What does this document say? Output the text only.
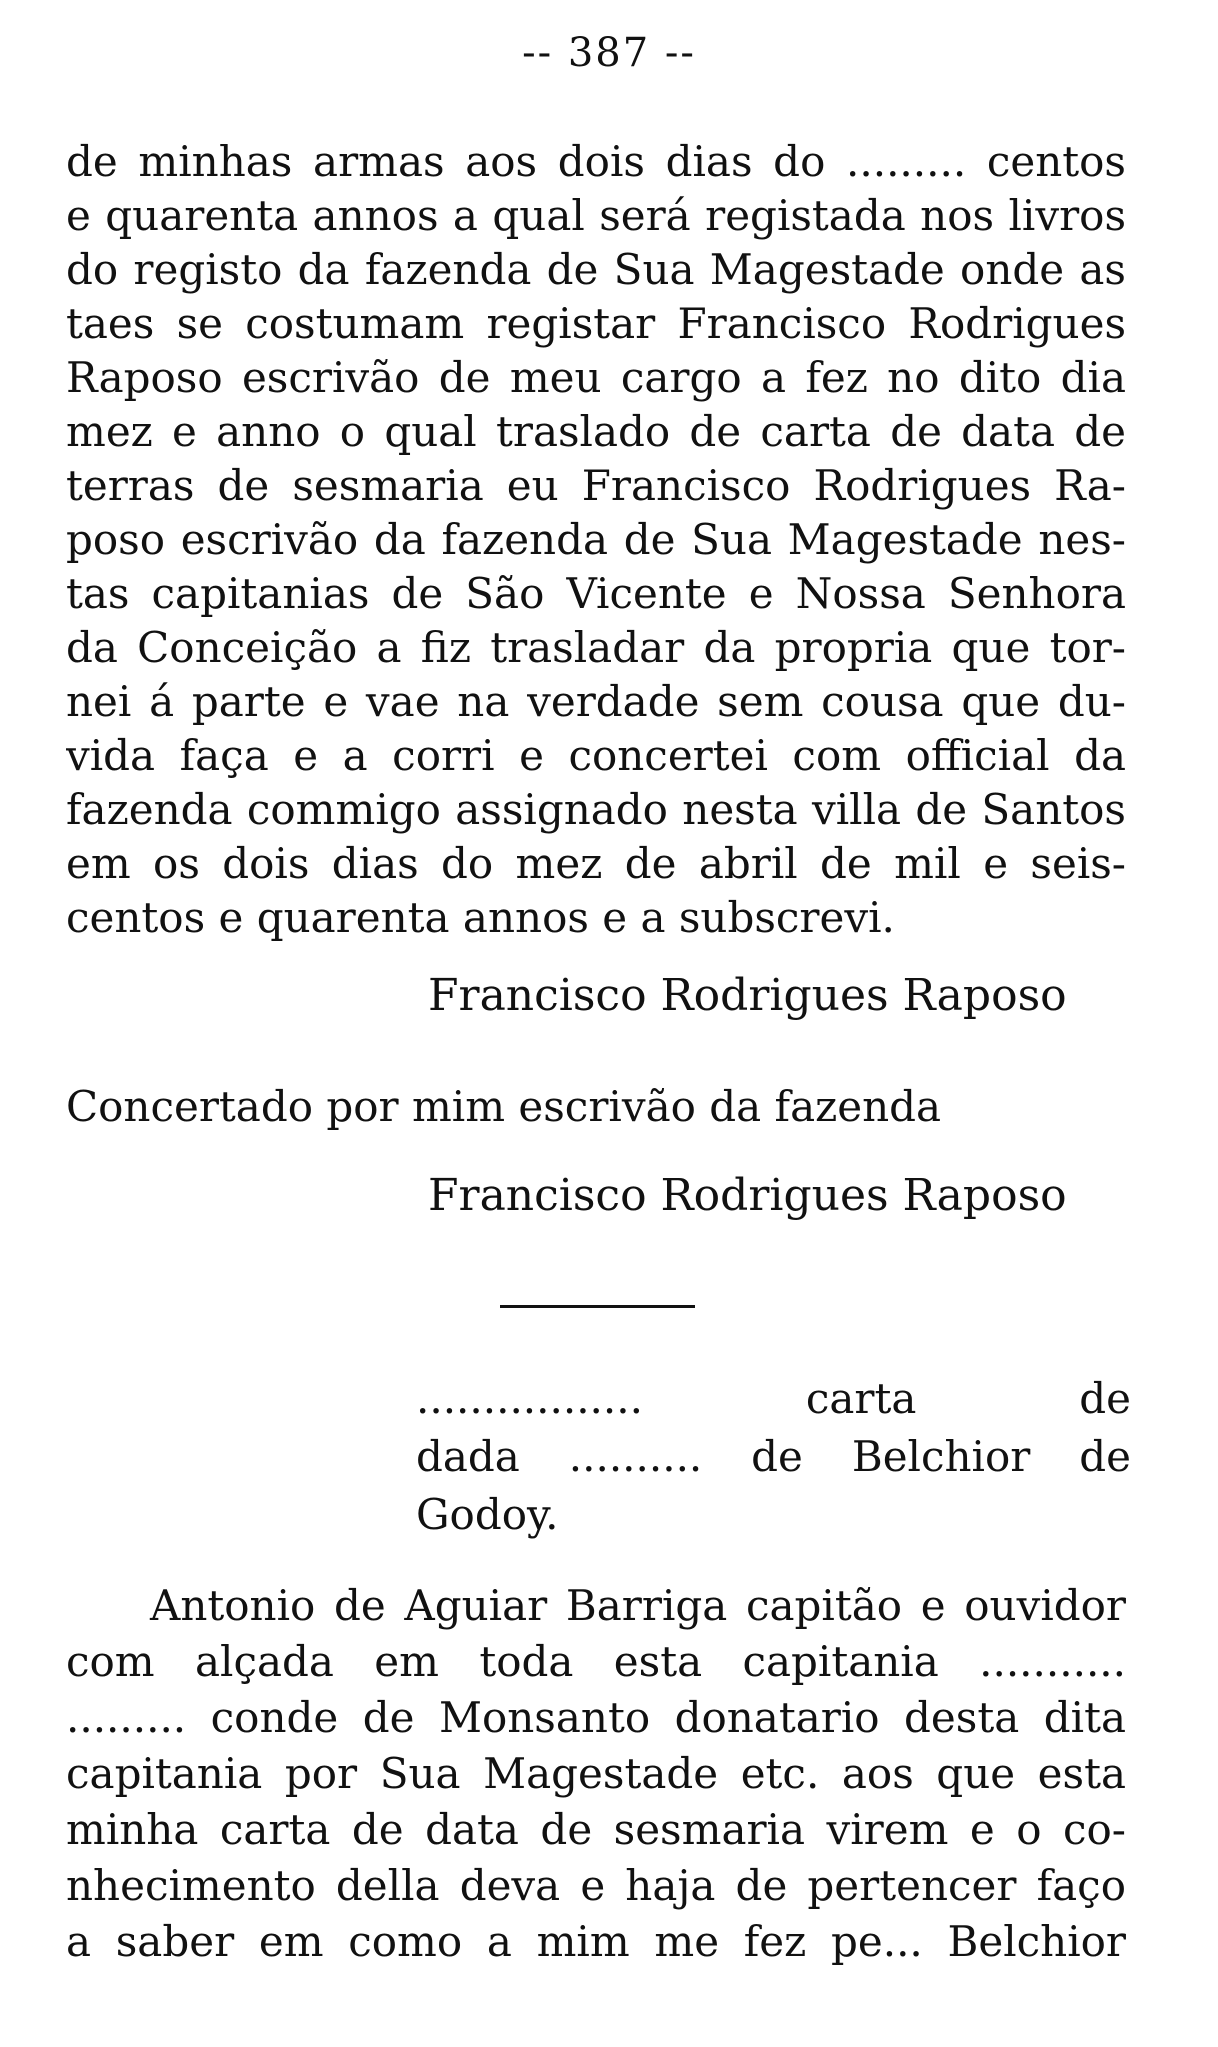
-- 387 --
de minhas armas aos dois dias do ......... centos
e quarenta annos a qual será registada nos livros
do registo da fazenda de Sua Magestade onde as
taes se costumam registar Francisco Rodrigues
Raposo escrivão de meu cargo a fez no dito dia
mez e anno o qual traslado de carta de data de
terras de sesmaria eu Francisco Rodrigues Ra-
poso escrivão da fazenda de Sua Magestade nes-
tas capitanias de São Vicente e Nossa Senhora
da Conceição a fiz trasladar da propria que tor-
nei á parte e vae na verdade sem cousa que du-
vida faça e a corri e concertei com official da
fazenda commigo assignado nesta villa de Santos
em os dois dias do mez de abril de mil e seis-
centos e quarenta annos e a subscrevi.
Francisco Rodrigues Raposo
Concertado por mim escrivão da fazenda
Francisco Rodrigues Raposo
................. carta de
dada .......... de Belchior de
Godoy.
Antonio de Aguiar Barriga capitão e ouvidor
com alçada em toda esta capitania ...........
......... conde de Monsanto donatario desta dita
capitania por Sua Magestade etc. aos que esta
minha carta de data de sesmaria virem e o co-
nhecimento della deva e haja de pertencer faço
a saber em como a mim me fez pe... Belchior
